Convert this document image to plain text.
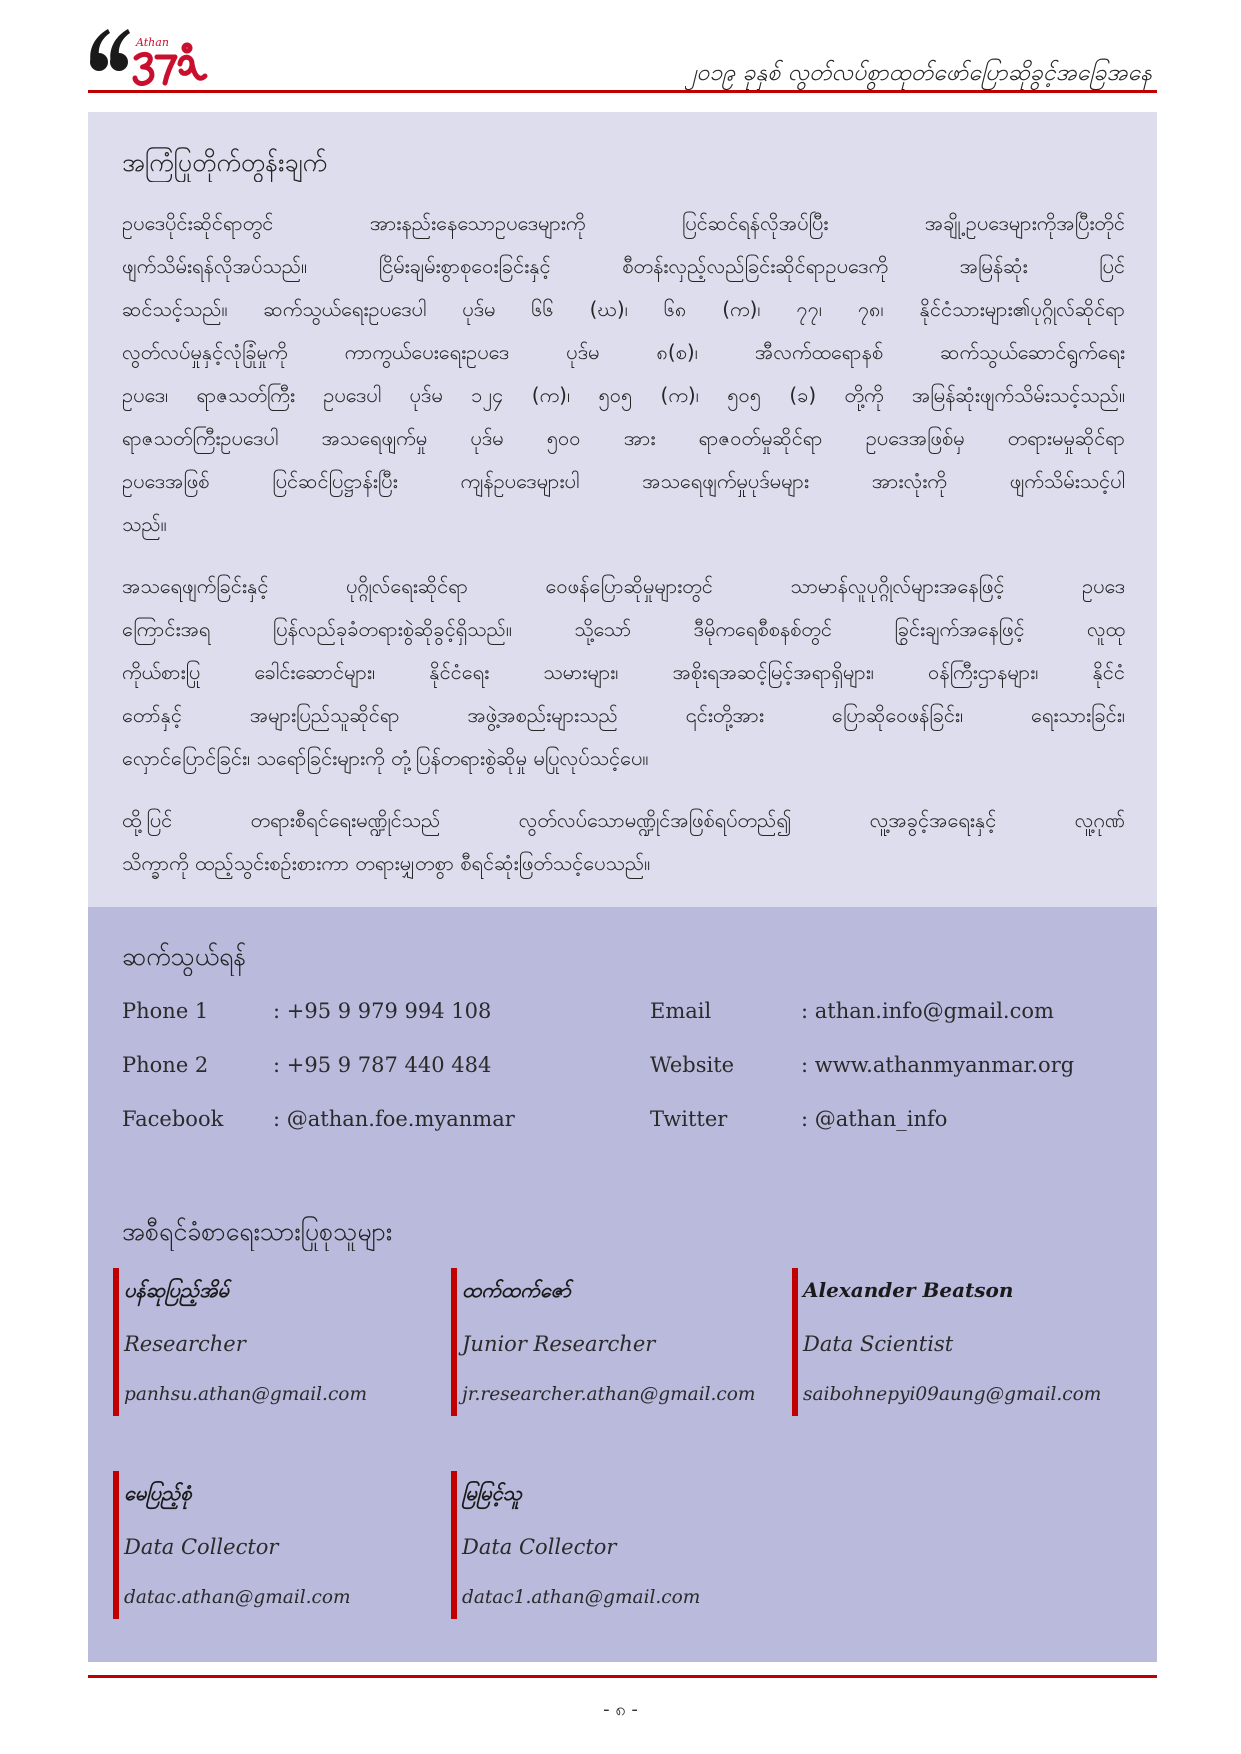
Athan
၂၀၁၉ ခုနှစ် လွတ်လပ်စွာထုတ်ဖော်ပြောဆိုခွင့်အခြေအနေ
အကြံပြုတိုက်တွန်းချက်
ဥပဒေပိုင်းဆိုင်ရာတွင် အားနည်းနေသောဥပဒေများကို ပြင်ဆင်ရန်လိုအပ်ပြီး အချို့ဥပဒေများကိုအပြီးတိုင်
ဖျက်သိမ်းရန်လိုအပ်သည်။ ငြိမ်းချမ်းစွာစုဝေးခြင်းနှင့် စီတန်းလှည့်လည်ခြင်းဆိုင်ရာဥပဒေကို အမြန်ဆုံး ပြင်
ဆင်သင့်သည်။ ဆက်သွယ်ရေးဥပဒေပါ ပုဒ်မ ၆၆ (ဃ)၊ ၆၈ (က)၊ ၇၇၊ ၇၈၊ နိုင်ငံသားများ၏ပုဂ္ဂိုလ်ဆိုင်ရာ
လွတ်လပ်မှုနှင့်လုံခြုံမှုကို ကာကွယ်ပေးရေးဥပဒေ ပုဒ်မ ၈(စ)၊ အီလက်ထရောနစ် ဆက်သွယ်ဆောင်ရွက်ရေး
ဥပဒေ၊ ရာဇသတ်ကြီး ဥပဒေပါ ပုဒ်မ ၁၂၄ (က)၊ ၅၀၅ (က)၊ ၅၀၅ (ခ) တို့ကို အမြန်ဆုံးဖျက်သိမ်းသင့်သည်။
ရာဇသတ်ကြီးဥပဒေပါ အသရေဖျက်မှု ပုဒ်မ ၅၀၀ အား ရာဇဝတ်မှုဆိုင်ရာ ဥပဒေအဖြစ်မှ တရားမမှုဆိုင်ရာ
ဥပဒေအဖြစ် ပြင်ဆင်ပြဋ္ဌာန်းပြီး ကျန်ဥပဒေများပါ အသရေဖျက်မှုပုဒ်မများ အားလုံးကို ဖျက်သိမ်းသင့်ပါ
သည်။
အသရေဖျက်ခြင်းနှင့် ပုဂ္ဂိုလ်ရေးဆိုင်ရာ ဝေဖန်ပြောဆိုမှုများတွင် သာမာန်လူပုဂ္ဂိုလ်များအနေဖြင့် ဥပဒေ
ကြောင်းအရ ပြန်လည်ခုခံတရားစွဲဆိုခွင့်ရှိသည်။ သို့သော် ဒီမိုကရေစီစနစ်တွင် ခြွင်းချက်အနေဖြင့် လူထု
ကိုယ်စားပြု ခေါင်းဆောင်များ၊ နိုင်ငံရေး သမားများ၊ အစိုးရအဆင့်မြင့်အရာရှိများ၊ ဝန်ကြီးဌာနများ၊ နိုင်ငံ
တော်နှင့် အများပြည်သူဆိုင်ရာ အဖွဲ့အစည်းများသည် ၎င်းတို့အား ပြောဆိုဝေဖန်ခြင်း၊ ရေးသားခြင်း၊
လှောင်ပြောင်ခြင်း၊ သရော်ခြင်းများကို တုံ့ပြန်တရားစွဲဆိုမှု မပြုလုပ်သင့်ပေ။
ထို့ပြင် တရားစီရင်ရေးမဏ္ဍိုင်သည် လွတ်လပ်သောမဏ္ဍိုင်အဖြစ်ရပ်တည်၍ လူ့အခွင့်အရေးနှင့် လူ့ဂုဏ်
သိက္ခာကို ထည့်သွင်းစဉ်းစားကာ တရားမျှတစွာ စီရင်ဆုံးဖြတ်သင့်ပေသည်။
ဆက်သွယ်ရန်
Phone 1	: +95 9 979 994 108	Email	: athan.info@gmail.com
Phone 2	: +95 9 787 440 484	Website	: www.athanmyanmar.org
Facebook : @athan.foe.myanmar	Twitter	: @athan_info
အစီရင်ခံစာရေးသားပြုစုသူများ
ပန်ဆုပြည့်အိမ်
Researcher
panhsu.athan@gmail.com
ထက်ထက်ဇော်
Junior Researcher
jr.researcher.athan@gmail.com
Alexander Beatson
Data Scientist
saibohnepyi09aung@gmail.com
မေပြည့်စုံ
Data Collector
datac.athan@gmail.com
မြမြင့်သူ
Data Collector
datac1.athan@gmail.com
- ၈ -
